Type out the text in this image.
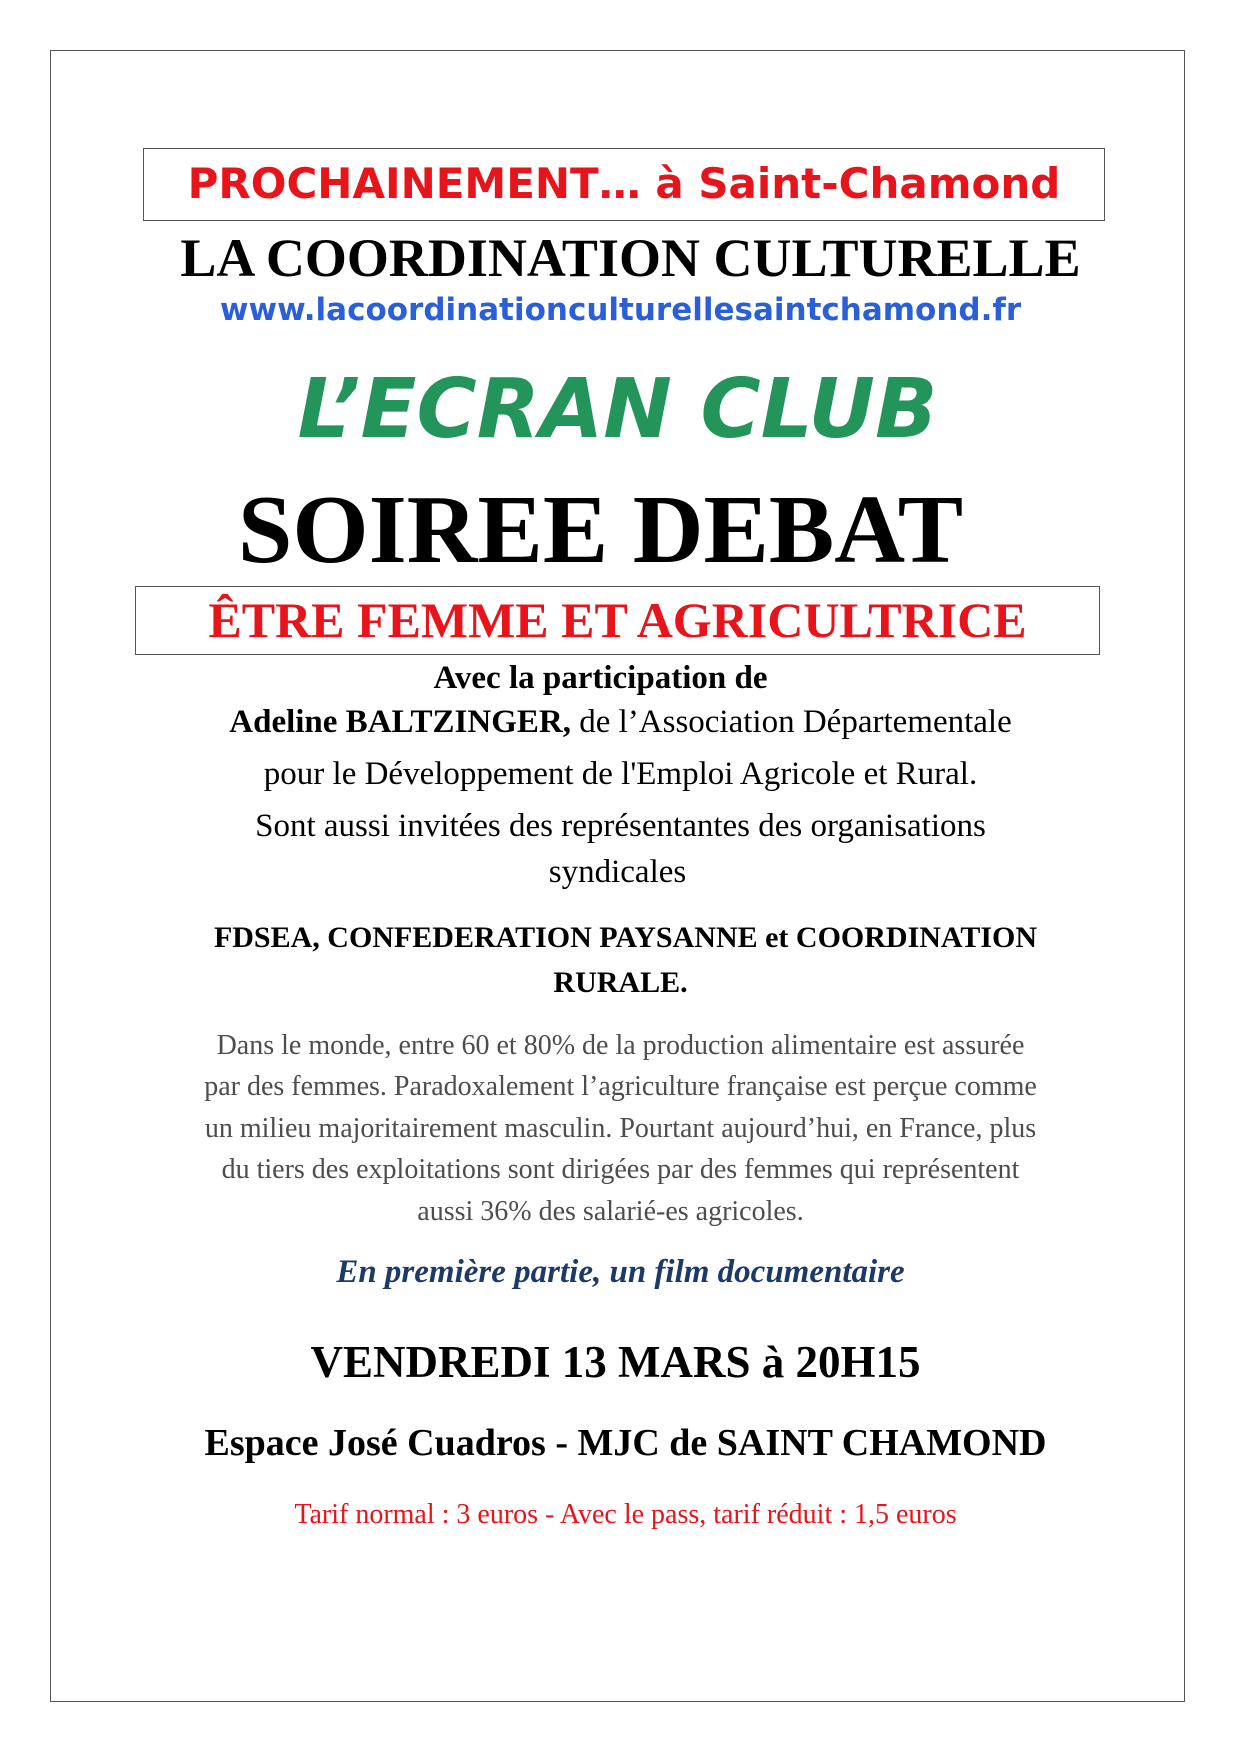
PROCHAINEMENT… à Saint-Chamond
LA COORDINATION CULTURELLE
www.lacoordinationculturellesaintchamond.fr
L’ECRAN CLUB
SOIREE DEBAT
ÊTRE FEMME ET AGRICULTRICE
Avec la participation de
Adeline BALTZINGER, de l’Association Départementale
pour le Développement de l'Emploi Agricole et Rural.
Sont aussi invitées des représentantes des organisations
syndicales
FDSEA, CONFEDERATION PAYSANNE et COORDINATION
RURALE.
Dans le monde, entre 60 et 80% de la production alimentaire est assurée
par des femmes. Paradoxalement l’agriculture française est perçue comme
un milieu majoritairement masculin. Pourtant aujourd’hui, en France, plus
du tiers des exploitations sont dirigées par des femmes qui représentent
aussi 36% des salarié-es agricoles.
En première partie, un film documentaire
VENDREDI 13 MARS à 20H15
Espace José Cuadros - MJC de SAINT CHAMOND
Tarif normal : 3 euros - Avec le pass, tarif réduit : 1,5 euros
